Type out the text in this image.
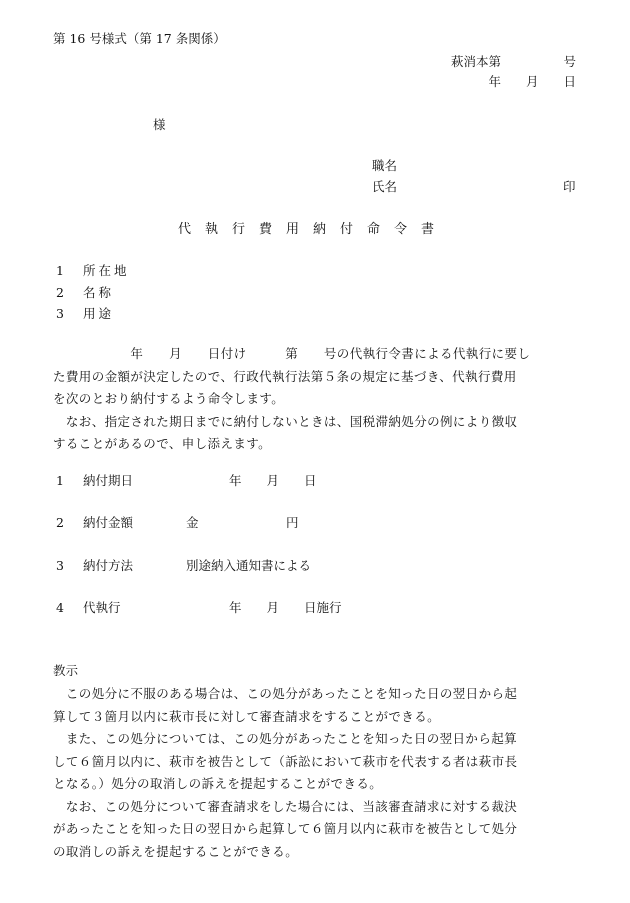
第 16 号様式（第 17 条関係）
萩消本第　　　　　号
年　　月　　日
様
職名
氏名	印
代執行費用納付命令書
1 所在地
2 名称
3 用途

　　　　　　年　　月　　日付け　　　第　　号の代執行令書による代執行に要し

た費用の金額が決定したので、行政代執行法第５条の規定に基づき、代執行費用

を次のとおり納付するよう命令します。

　なお、指定された期日までに納付しないときは、国税滞納処分の例により徴収

することがあるので、申し添えます。

1 納付期日	年　　月　　日
2 納付金額	金　　　　　　　円
3 納付方法	別途納入通知書による
4 代執行	年　　月　　日施行
教示

　この処分に不服のある場合は、この処分があったことを知った日の翌日から起

算して３箇月以内に萩市長に対して審査請求をすることができる。

　また、この処分については、この処分があったことを知った日の翌日から起算

して６箇月以内に、萩市を被告として（訴訟において萩市を代表する者は萩市長

となる。）処分の取消しの訴えを提起することができる。

　なお、この処分について審査請求をした場合には、当該審査請求に対する裁決

があったことを知った日の翌日から起算して６箇月以内に萩市を被告として処分

の取消しの訴えを提起することができる。
